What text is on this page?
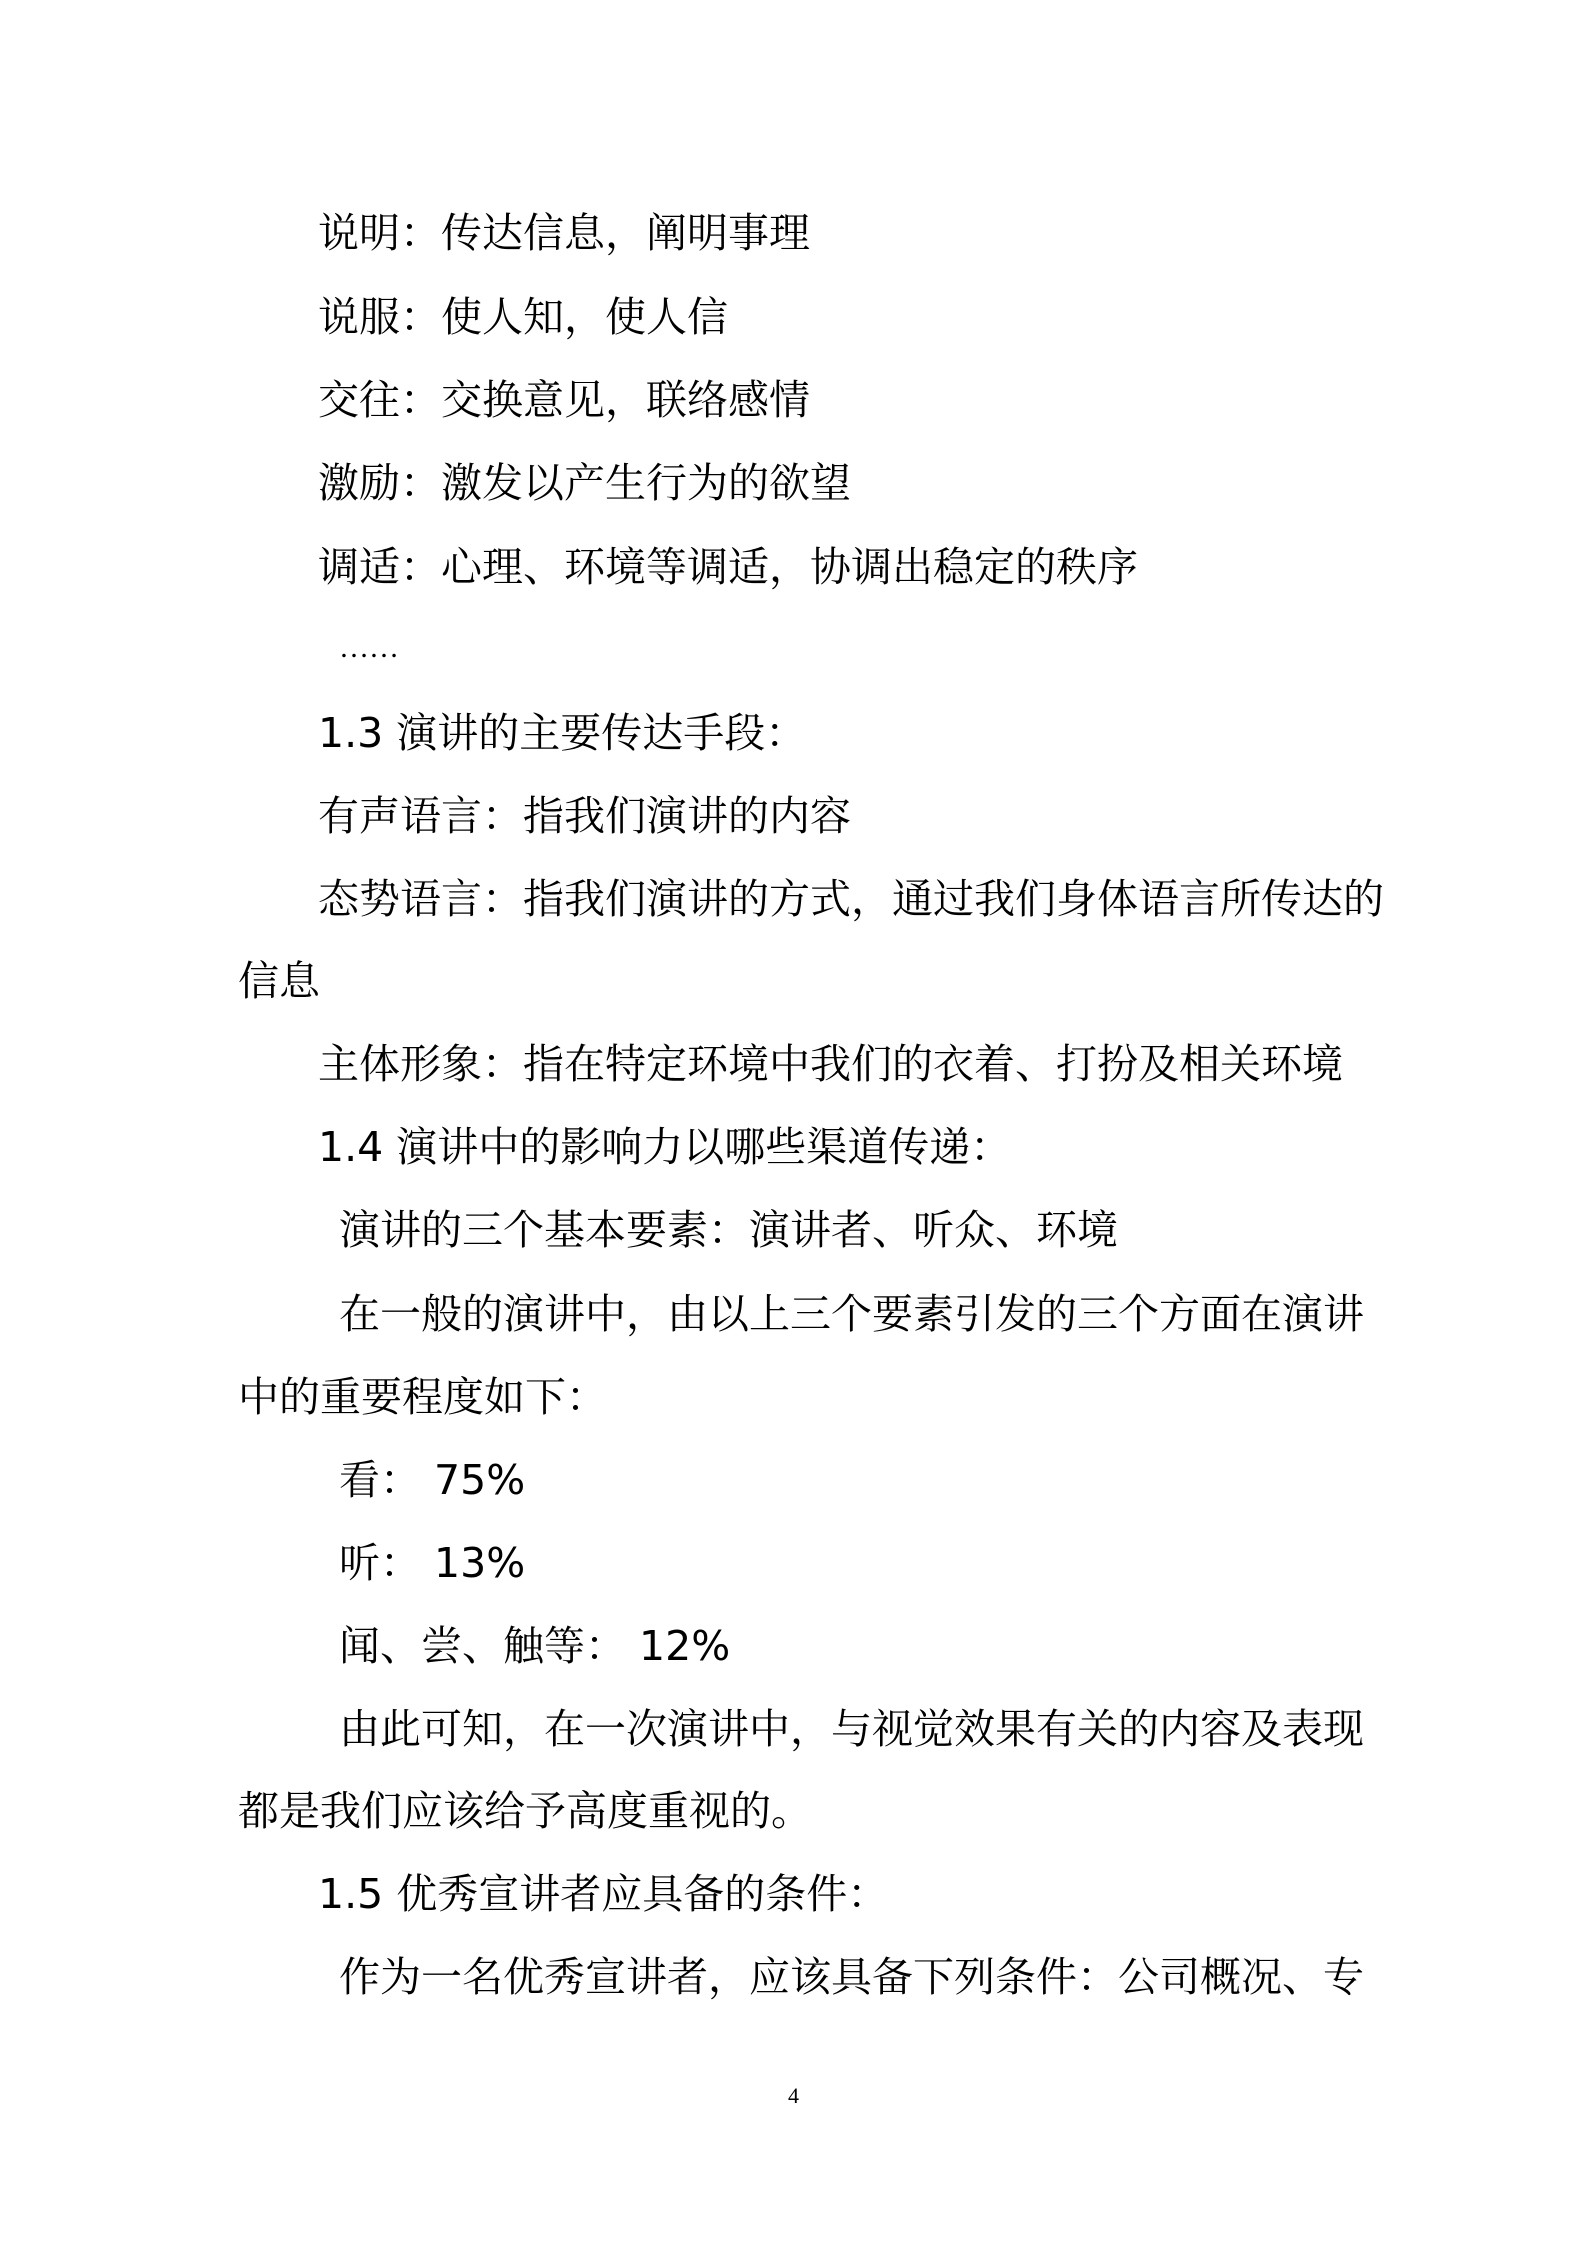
说明：传达信息，阐明事理
说服：使人知，使人信
交往：交换意见，联络感情
激励：激发以产生行为的欲望
调适：心理、环境等调适，协调出稳定的秩序
……
1.3 演讲的主要传达手段：
有声语言：指我们演讲的内容
态势语言：指我们演讲的方式，通过我们身体语言所传达的
信息
主体形象：指在特定环境中我们的衣着、打扮及相关环境
1.4 演讲中的影响力以哪些渠道传递：
演讲的三个基本要素：演讲者、听众、环境
在一般的演讲中，由以上三个要素引发的三个方面在演讲
中的重要程度如下：
看： 75%
听： 13%
闻、尝、触等： 12%
由此可知，在一次演讲中，与视觉效果有关的内容及表现
都是我们应该给予高度重视的。
1.5 优秀宣讲者应具备的条件：
作为一名优秀宣讲者，应该具备下列条件：公司概况、专
4
